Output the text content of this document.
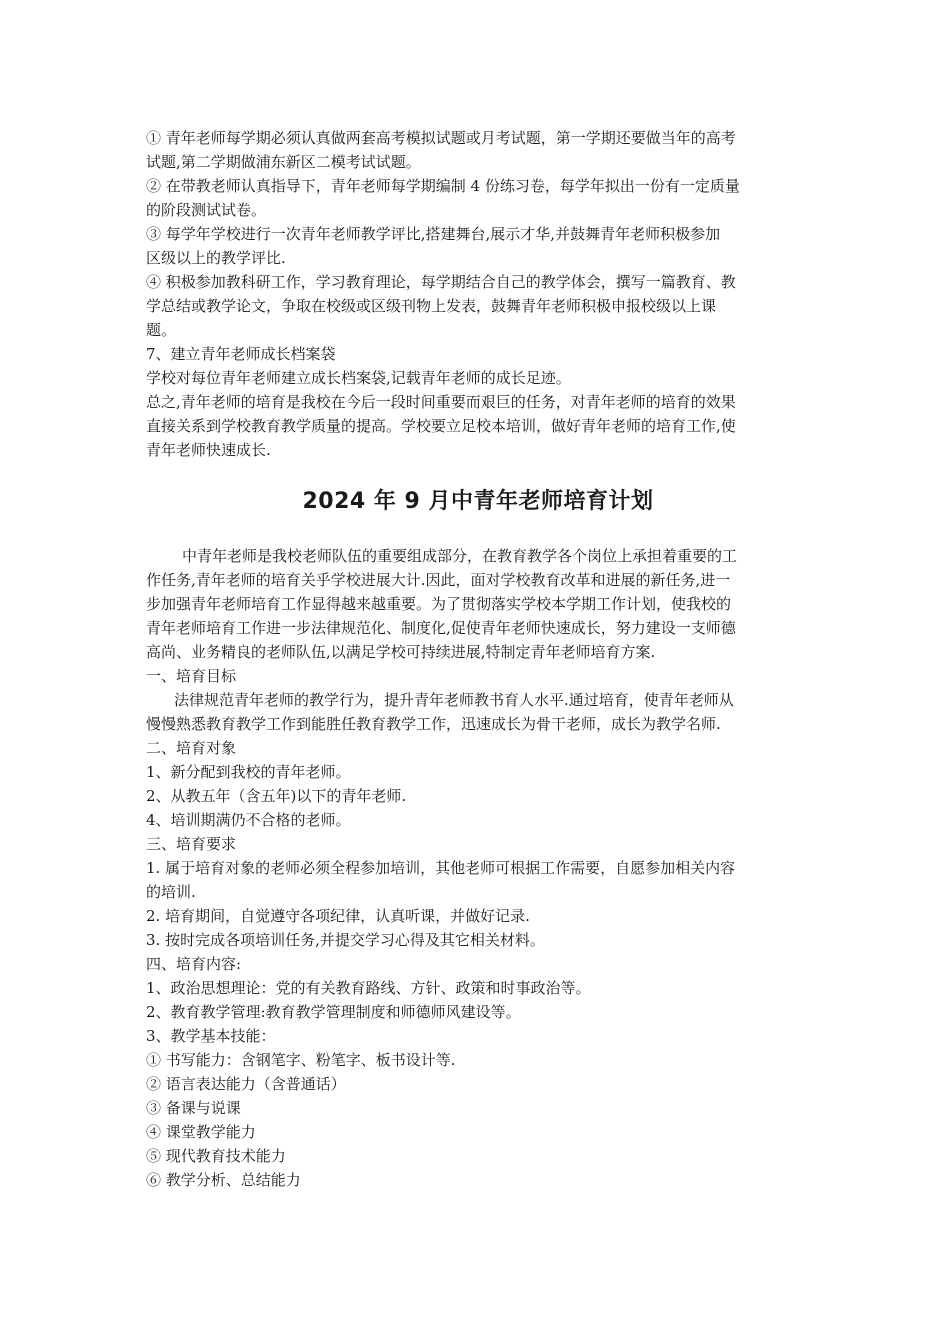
① 青年老师每学期必须认真做两套高考模拟试题或月考试题，第一学期还要做当年的高考
试题,第二学期做浦东新区二模考试试题。
② 在带教老师认真指导下，青年老师每学期编制 4 份练习卷，每学年拟出一份有一定质量
的阶段测试试卷。
③ 每学年学校进行一次青年老师教学评比,搭建舞台,展示才华,并鼓舞青年老师积极参加
区级以上的教学评比.
④ 积极参加教科研工作，学习教育理论，每学期结合自己的教学体会，撰写一篇教育、教
学总结或教学论文，争取在校级或区级刊物上发表，鼓舞青年老师积极申报校级以上课
题。
7、建立青年老师成长档案袋
学校对每位青年老师建立成长档案袋,记载青年老师的成长足迹。
总之,青年老师的培育是我校在今后一段时间重要而艰巨的任务，对青年老师的培育的效果
直接关系到学校教育教学质量的提高。学校要立足校本培训，做好青年老师的培育工作,使
青年老师快速成长.
2024 年 9 月中青年老师培育计划
中青年老师是我校老师队伍的重要组成部分，在教育教学各个岗位上承担着重要的工
作任务,青年老师的培育关乎学校进展大计.因此，面对学校教育改革和进展的新任务,进一
步加强青年老师培育工作显得越来越重要。为了贯彻落实学校本学期工作计划，使我校的
青年老师培育工作进一步法律规范化、制度化,促使青年老师快速成长，努力建设一支师德
高尚、业务精良的老师队伍,以满足学校可持续进展,特制定青年老师培育方案.
一、培育目标
法律规范青年老师的教学行为，提升青年老师教书育人水平.通过培育，使青年老师从
慢慢熟悉教育教学工作到能胜任教育教学工作，迅速成长为骨干老师，成长为教学名师.
二、培育对象
1、新分配到我校的青年老师。
2、从教五年（含五年)以下的青年老师.
4、培训期满仍不合格的老师。
三、培育要求
1. 属于培育对象的老师必须全程参加培训，其他老师可根据工作需要，自愿参加相关内容
的培训.
2. 培育期间，自觉遵守各项纪律，认真听课，并做好记录.
3. 按时完成各项培训任务,并提交学习心得及其它相关材料。
四、培育内容:
1、政治思想理论：党的有关教育路线、方针、政策和时事政治等。
2、教育教学管理:教育教学管理制度和师德师风建设等。
3、教学基本技能：
① 书写能力：含钢笔字、粉笔字、板书设计等.
② 语言表达能力（含普通话）
③ 备课与说课
④ 课堂教学能力
⑤ 现代教育技术能力
⑥ 教学分析、总结能力
